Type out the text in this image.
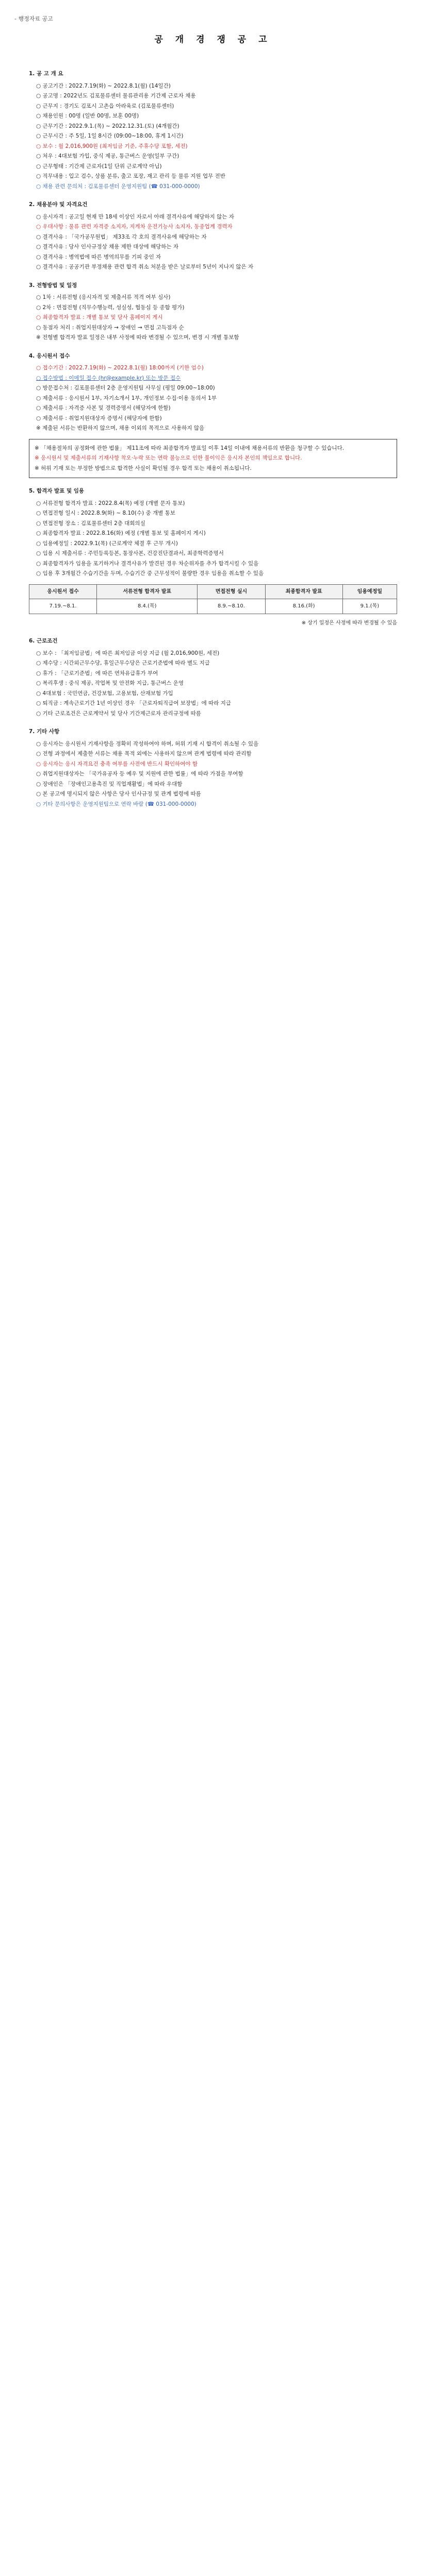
- 행정자료 공고
공 개 경 쟁 공 고
1. 공 고 개 요
○ 공고기간 : 2022.7.19(화) ~ 2022.8.1(월) (14일간)
○ 공고명 : 2022년도 김포물류센터 물류관리용 기간제 근로자 채용
○ 근무지 : 경기도 김포시 고촌읍 아라육로 (김포물류센터)
○ 채용인원 : 00명 (일반 00명, 보훈 00명)
○ 근무기간 : 2022.9.1.(목) ~ 2022.12.31.(토) (4개월간)
○ 근무시간 : 주 5일, 1일 8시간 (09:00~18:00, 휴게 1시간)
○ 보수 : 월 2,016,900원 (최저임금 기준, 주휴수당 포함, 세전)
○ 처우 : 4대보험 가입, 중식 제공, 통근버스 운영(일부 구간)
○ 근무형태 : 기간제 근로자(1일 단위 근로계약 아님)
○ 직무내용 : 입고 검수, 상품 분류, 출고 포장, 재고 관리 등 물류 지원 업무 전반
○ 채용 관련 문의처 : 김포물류센터 운영지원팀 (☎ 031-000-0000)
2. 채용분야 및 자격요건
○ 응시자격 : 공고일 현재 만 18세 이상인 자로서 아래 결격사유에 해당하지 않는 자
○ 우대사항 : 물류 관련 자격증 소지자, 지게차 운전기능사 소지자, 동종업계 경력자
○ 결격사유 : 「국가공무원법」 제33조 각 호의 결격사유에 해당하는 자
○ 결격사유 : 당사 인사규정상 채용 제한 대상에 해당하는 자
○ 결격사유 : 병역법에 따른 병역의무를 기피 중인 자
○ 결격사유 : 공공기관 부정채용 관련 합격 취소 처분을 받은 날로부터 5년이 지나지 않은 자
3. 전형방법 및 일정
○ 1차 : 서류전형 (응시자격 및 제출서류 적격 여부 심사)
○ 2차 : 면접전형 (직무수행능력, 성실성, 협동심 등 종합 평가)
○ 최종합격자 발표 : 개별 통보 및 당사 홈페이지 게시
○ 동점자 처리 : 취업지원대상자 → 장애인 → 면접 고득점자 순
※ 전형별 합격자 발표 일정은 내부 사정에 따라 변경될 수 있으며, 변경 시 개별 통보함
4. 응시원서 접수
○ 접수기간 : 2022.7.19(화) ~ 2022.8.1(월) 18:00까지 (기한 엄수)
○ 접수방법 : 이메일 접수 (hr@example.kr) 또는 방문 접수
○ 방문접수처 : 김포물류센터 2층 운영지원팀 사무실 (평일 09:00~18:00)
○ 제출서류 : 응시원서 1부, 자기소개서 1부, 개인정보 수집·이용 동의서 1부
○ 제출서류 : 자격증 사본 및 경력증명서 (해당자에 한함)
○ 제출서류 : 취업지원대상자 증명서 (해당자에 한함)
※ 제출된 서류는 반환하지 않으며, 채용 이외의 목적으로 사용하지 않음
※ 「채용절차의 공정화에 관한 법률」 제11조에 따라 최종합격자 발표일 이후 14일 이내에 채용서류의 반환을 청구할 수 있습니다.
※ 응시원서 및 제출서류의 기재사항 착오·누락 또는 연락 불능으로 인한 불이익은 응시자 본인의 책임으로 합니다.
※ 허위 기재 또는 부정한 방법으로 합격한 사실이 확인될 경우 합격 또는 채용이 취소됩니다.
5. 합격자 발표 및 임용
○ 서류전형 합격자 발표 : 2022.8.4(목) 예정 (개별 문자 통보)
○ 면접전형 일시 : 2022.8.9(화) ~ 8.10(수) 중 개별 통보
○ 면접전형 장소 : 김포물류센터 2층 대회의실
○ 최종합격자 발표 : 2022.8.16(화) 예정 (개별 통보 및 홈페이지 게시)
○ 임용예정일 : 2022.9.1(목) (근로계약 체결 후 근무 개시)
○ 임용 시 제출서류 : 주민등록등본, 통장사본, 건강진단결과서, 최종학력증명서
○ 최종합격자가 임용을 포기하거나 결격사유가 발견된 경우 차순위자를 추가 합격시킬 수 있음
○ 임용 후 3개월간 수습기간을 두며, 수습기간 중 근무성적이 불량한 경우 임용을 취소할 수 있음
응시원서 접수	서류전형 합격자 발표	면접전형 실시	최종합격자 발표	임용예정일
7.19.~8.1.	8.4.(목)	8.9.~8.10.	8.16.(화)	9.1.(목)
※ 상기 일정은 사정에 따라 변경될 수 있음
6. 근로조건
○ 보수 : 「최저임금법」에 따른 최저임금 이상 지급 (월 2,016,900원, 세전)
○ 제수당 : 시간외근무수당, 휴일근무수당은 근로기준법에 따라 별도 지급
○ 휴가 : 「근로기준법」에 따른 연차유급휴가 부여
○ 복리후생 : 중식 제공, 작업복 및 안전화 지급, 통근버스 운영
○ 4대보험 : 국민연금, 건강보험, 고용보험, 산재보험 가입
○ 퇴직금 : 계속근로기간 1년 이상인 경우 「근로자퇴직급여 보장법」에 따라 지급
○ 기타 근로조건은 근로계약서 및 당사 기간제근로자 관리규정에 따름
7. 기타 사항
○ 응시자는 응시원서 기재사항을 정확히 작성하여야 하며, 허위 기재 시 합격이 취소될 수 있음
○ 전형 과정에서 제출한 서류는 채용 목적 외에는 사용하지 않으며 관계 법령에 따라 관리함
○ 응시자는 응시 자격요건 충족 여부를 사전에 반드시 확인하여야 함
○ 취업지원대상자는 「국가유공자 등 예우 및 지원에 관한 법률」에 따라 가점을 부여함
○ 장애인은 「장애인고용촉진 및 직업재활법」에 따라 우대함
○ 본 공고에 명시되지 않은 사항은 당사 인사규정 및 관계 법령에 따름
○ 기타 문의사항은 운영지원팀으로 연락 바람 (☎ 031-000-0000)
